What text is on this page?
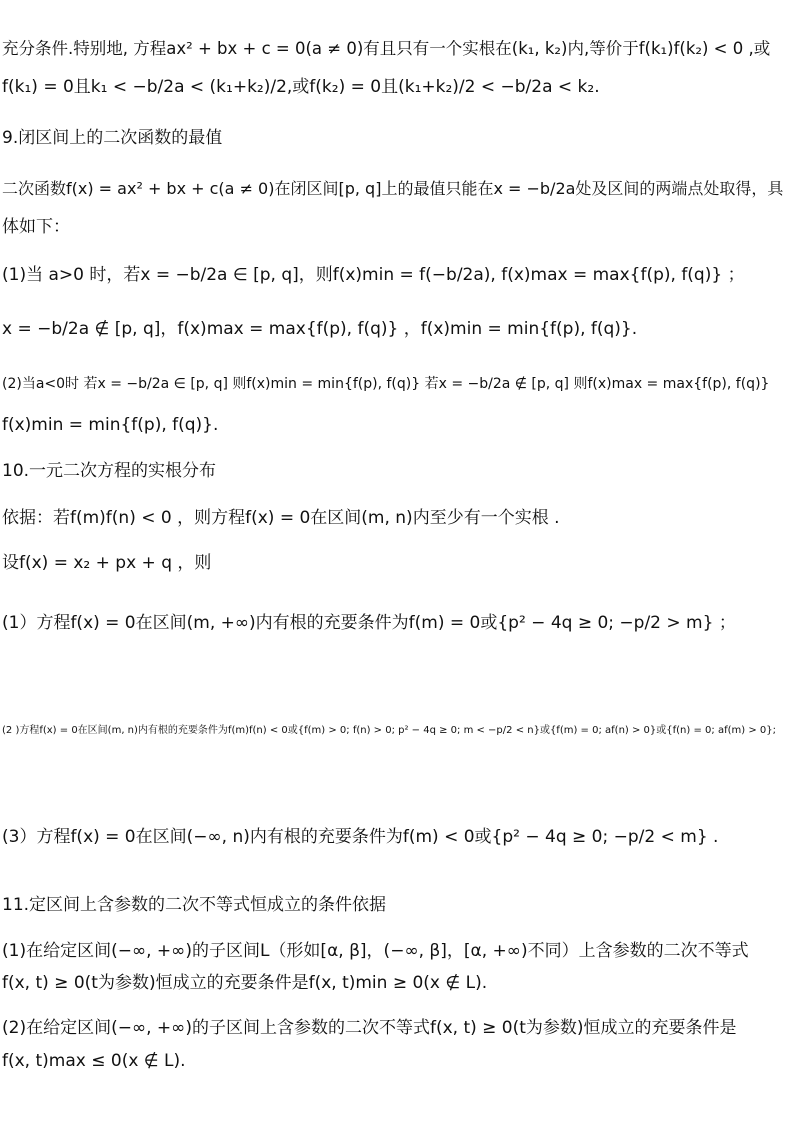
充分条件.特别地, 方程ax² + bx + c = 0(a ≠ 0)有且只有一个实根在(k₁, k₂)内,等价于f(k₁)f(k₂) < 0 ,或
f(k₁) = 0且k₁ < −b/2a < (k₁+k₂)/2,或f(k₂) = 0且(k₁+k₂)/2 < −b/2a < k₂.
9.闭区间上的二次函数的最值
二次函数f(x) = ax² + bx + c(a ≠ 0)在闭区间[p, q]上的最值只能在x = −b/2a处及区间的两端点处取得，具
体如下：
(1)当 a>0 时，若x = −b/2a ∈ [p, q]，则f(x)min = f(−b/2a), f(x)max = max{f(p), f(q)} ；
x = −b/2a ∉ [p, q]，f(x)max = max{f(p), f(q)} ，f(x)min = min{f(p), f(q)}.
(2)当a<0时 若x = −b/2a ∈ [p, q] 则f(x)min = min{f(p), f(q)} 若x = −b/2a ∉ [p, q] 则f(x)max = max{f(p), f(q)}
f(x)min = min{f(p), f(q)}.
10.一元二次方程的实根分布
依据：若f(m)f(n) < 0 ，则方程f(x) = 0在区间(m, n)内至少有一个实根 .
设f(x) = x₂ + px + q ，则
(1）方程f(x) = 0在区间(m, +∞)内有根的充要条件为f(m) = 0或{p² − 4q ≥ 0; −p/2 > m} ；
(2 )方程f(x) = 0在区间(m, n)内有根的充要条件为f(m)f(n) < 0或{f(m) > 0; f(n) > 0; p² − 4q ≥ 0; m < −p/2 < n}或{f(m) = 0; af(n) > 0}或{f(n) = 0; af(m) > 0};
(3）方程f(x) = 0在区间(−∞, n)内有根的充要条件为f(m) < 0或{p² − 4q ≥ 0; −p/2 < m} .
11.定区间上含参数的二次不等式恒成立的条件依据
(1)在给定区间(−∞, +∞)的子区间L（形如[α, β]，(−∞, β]，[α, +∞)不同）上含参数的二次不等式
f(x, t) ≥ 0(t为参数)恒成立的充要条件是f(x, t)min ≥ 0(x ∉ L).
(2)在给定区间(−∞, +∞)的子区间上含参数的二次不等式f(x, t) ≥ 0(t为参数)恒成立的充要条件是
f(x, t)max ≤ 0(x ∉ L).
